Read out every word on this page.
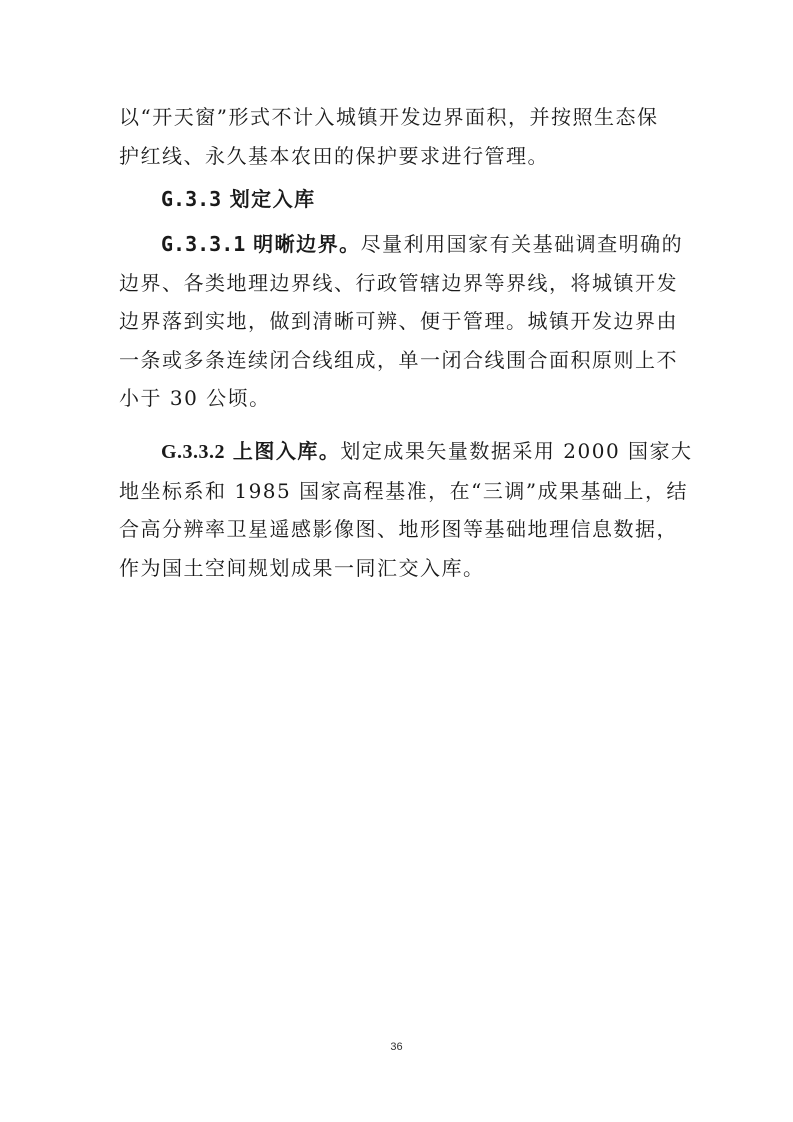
以“开天窗”形式不计入城镇开发边界面积，并按照生态保
护红线、永久基本农田的保护要求进行管理。
G.3.3 划定入库
G.3.3.1 明晰边界。尽量利用国家有关基础调查明确的
边界、各类地理边界线、行政管辖边界等界线，将城镇开发
边界落到实地，做到清晰可辨、便于管理。城镇开发边界由
一条或多条连续闭合线组成，单一闭合线围合面积原则上不
小于 30 公顷。
G.3.3.2 上图入库。划定成果矢量数据采用 2000 国家大
地坐标系和 1985 国家高程基准，在“三调”成果基础上，结
合高分辨率卫星遥感影像图、地形图等基础地理信息数据，
作为国土空间规划成果一同汇交入库。
36
